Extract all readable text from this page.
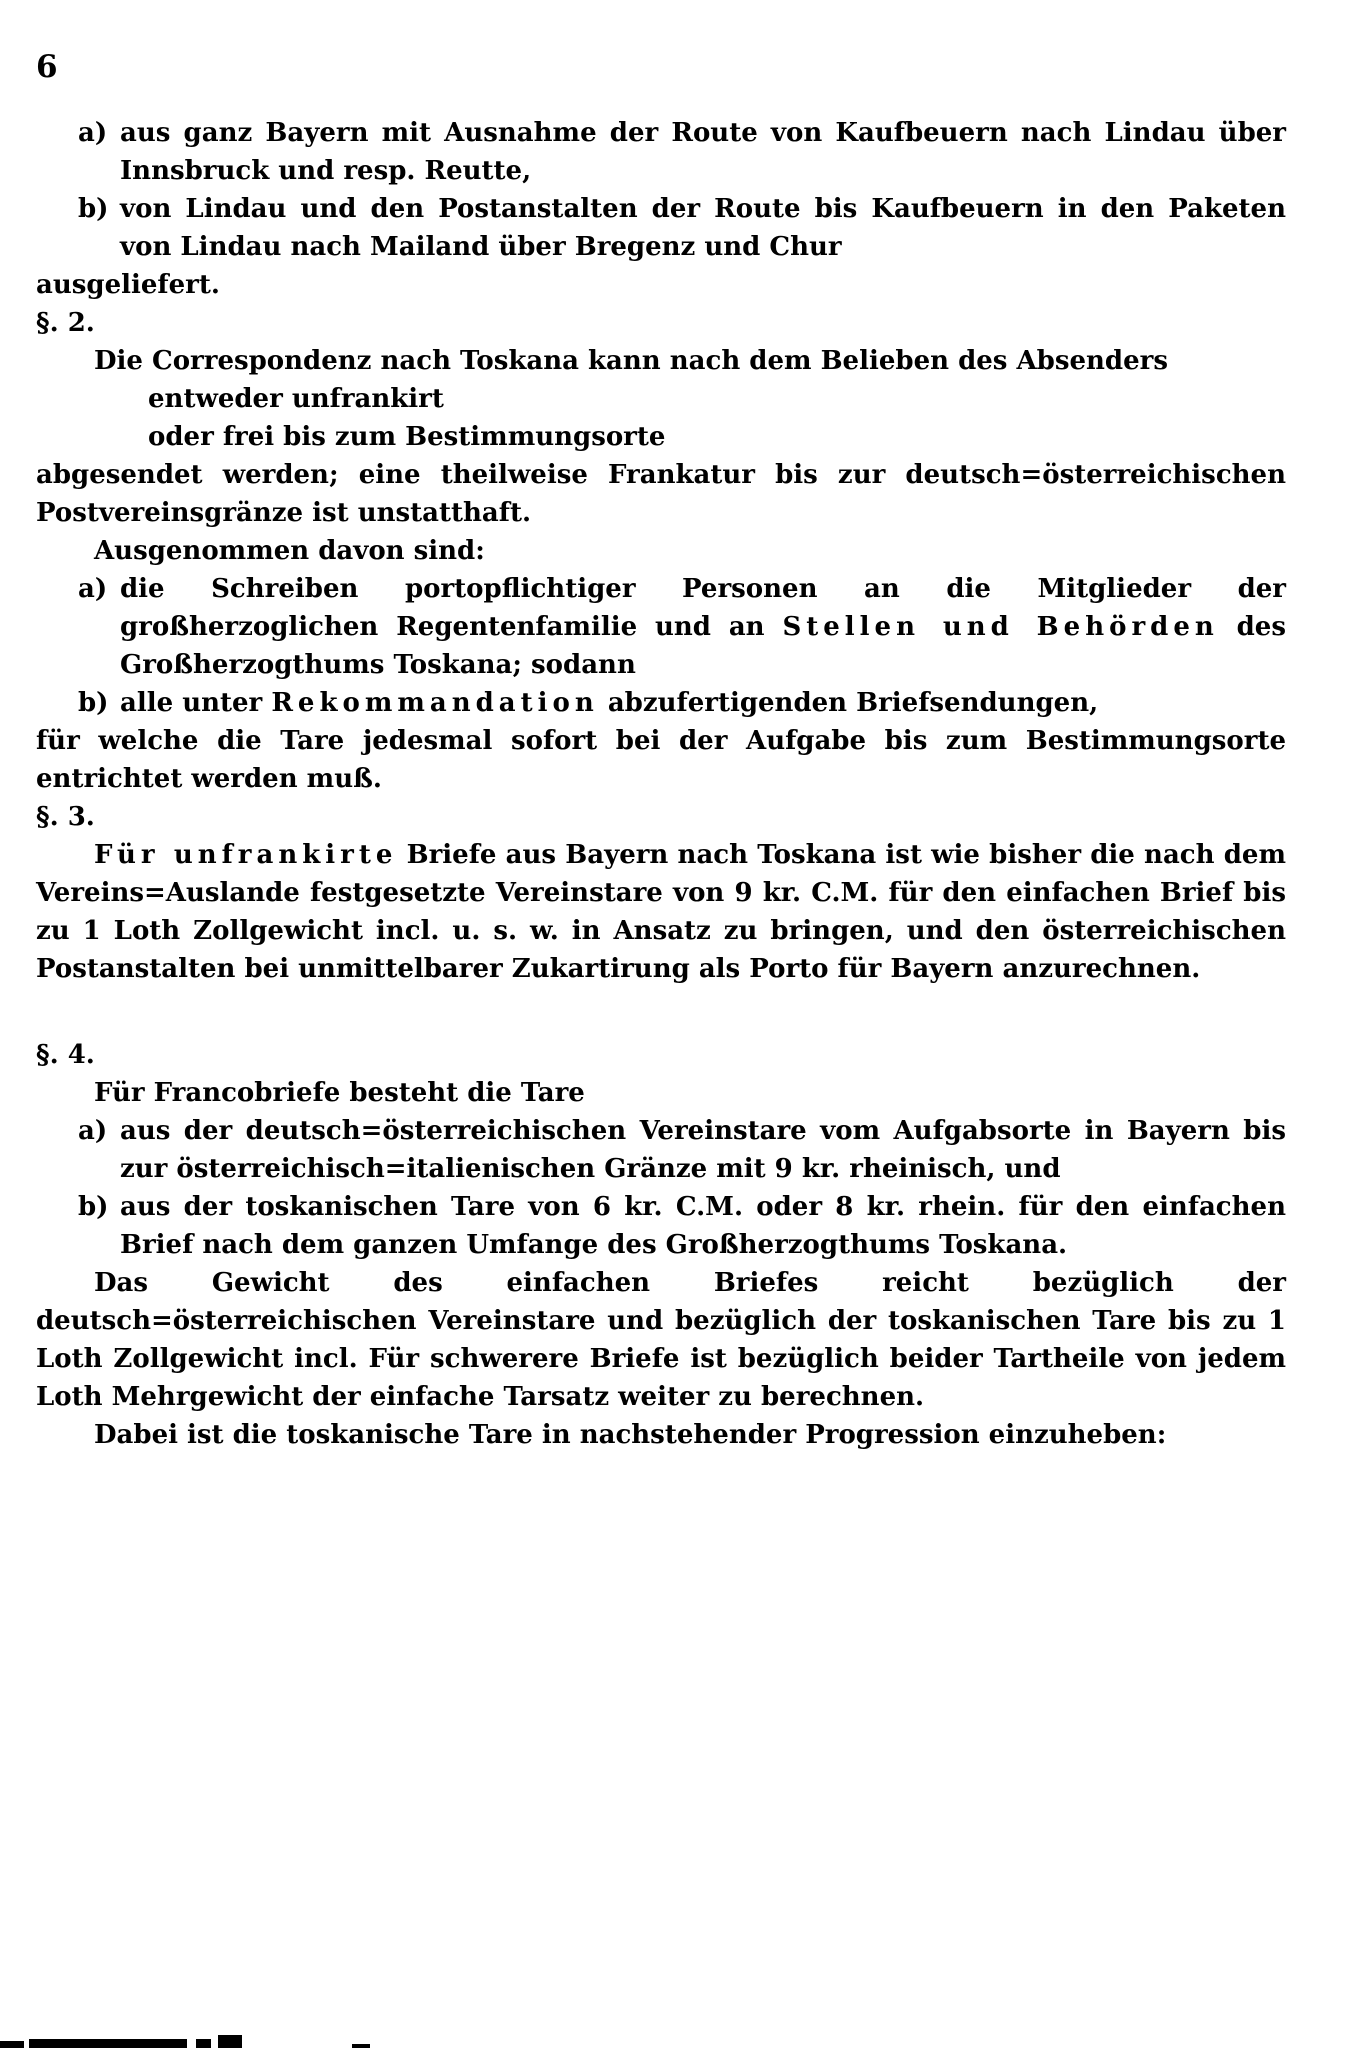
6
a) aus ganz Bayern mit Ausnahme der Route von Kaufbeuern nach Lindau über Innsbruck und resp. Reutte,
b) von Lindau und den Postanstalten der Route bis Kaufbeuern in den Paketen von Lindau nach Mailand über Bregenz und Chur

ausgeliefert.

§. 2.

Die Correspondenz nach Toskana kann nach dem Belieben des Absenders

entweder unfrankirt

oder frei bis zum Bestimmungsorte

abgesendet werden; eine theilweise Frankatur bis zur deutsch=österreichischen Postvereinsgränze ist unstatthaft.

Ausgenommen davon sind:

a) die Schreiben portopflichtiger Personen an die Mitglieder der großherzoglichen Regentenfamilie und an Stellen und Behörden des Großherzogthums Toskana; sodann
b) alle unter Rekommandation abzufertigenden Briefsendungen,

für welche die Tare jedesmal sofort bei der Aufgabe bis zum Bestimmungsorte entrichtet werden muß.

§. 3.

Für unfrankirte Briefe aus Bayern nach Toskana ist wie bisher die nach dem Vereins=Auslande festgesetzte Vereinstare von 9 kr. C.M. für den einfachen Brief bis zu 1 Loth Zollgewicht incl. u. s. w. in Ansatz zu bringen, und den österreichischen Postanstalten bei unmittelbarer Zukartirung als Porto für Bayern anzurechnen.

§. 4.

Für Francobriefe besteht die Tare

a) aus der deutsch=österreichischen Vereinstare vom Aufgabsorte in Bayern bis zur österreichisch=italienischen Gränze mit 9 kr. rheinisch, und
b) aus der toskanischen Tare von 6 kr. C.M. oder 8 kr. rhein. für den einfachen Brief nach dem ganzen Umfange des Großherzogthums Toskana.

Das Gewicht des einfachen Briefes reicht bezüglich der deutsch=österreichischen Vereinstare und bezüglich der toskanischen Tare bis zu 1 Loth Zollgewicht incl. Für schwerere Briefe ist bezüglich beider Tartheile von jedem Loth Mehrgewicht der einfache Tarsatz weiter zu berechnen.

Dabei ist die toskanische Tare in nachstehender Progression einzuheben:
